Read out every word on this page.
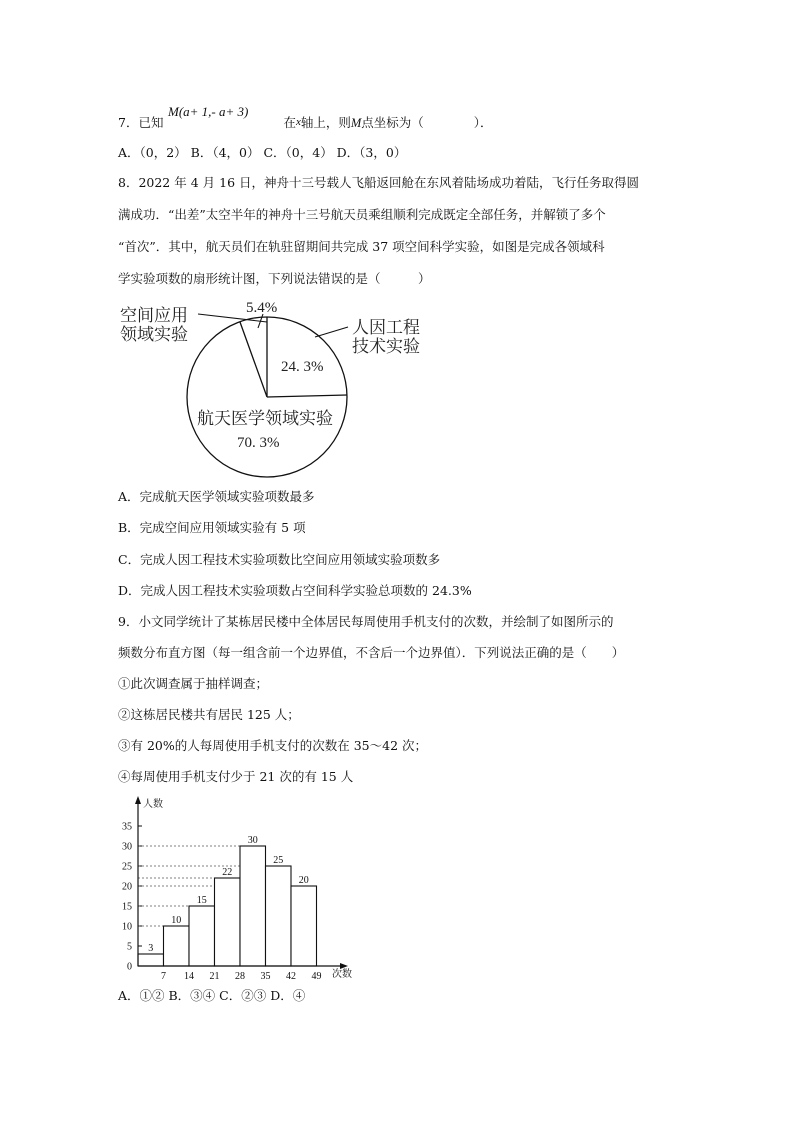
7．已知	在x轴上，则M点坐标为（　　　　）．
M(a+ 1,- a+ 3)
A．（0，2） B．（4，0） C．（0，4） D．（3，0）
8．2022 年 4 月 16 日，神舟十三号载人飞船返回舱在东风着陆场成功着陆，飞行任务取得圆
满成功．“出差”太空半年的神舟十三号航天员乘组顺利完成既定全部任务，并解锁了多个
“首次”．其中，航天员们在轨驻留期间共完成 37 项空间科学实验，如图是完成各领域科
学实验项数的扇形统计图，下列说法错误的是（　　　）
空间应用
领域实验
5.4%
人因工程
技术实验
24. 3%
航天医学领域实验
70. 3%
A．完成航天医学领域实验项数最多
B．完成空间应用领域实验有 5 项
C．完成人因工程技术实验项数比空间应用领域实验项数多
D．完成人因工程技术实验项数占空间科学实验总项数的 24.3%
9．小文同学统计了某栋居民楼中全体居民每周使用手机支付的次数，并绘制了如图所示的
频数分布直方图（每一组含前一个边界值，不含后一个边界值）．下列说法正确的是（　　）
①此次调查属于抽样调查；
②这栋居民楼共有居民 125 人；
③有 20%的人每周使用手机支付的次数在 35～42 次；
④每周使用手机支付少于 21 次的有 15 人
0
5
10
15
20
25
30
35
3
10
15
22
30
25
20
7 14 21 28 35 42 49
人数
次数
A．①② B．③④ C．②③ D．④
